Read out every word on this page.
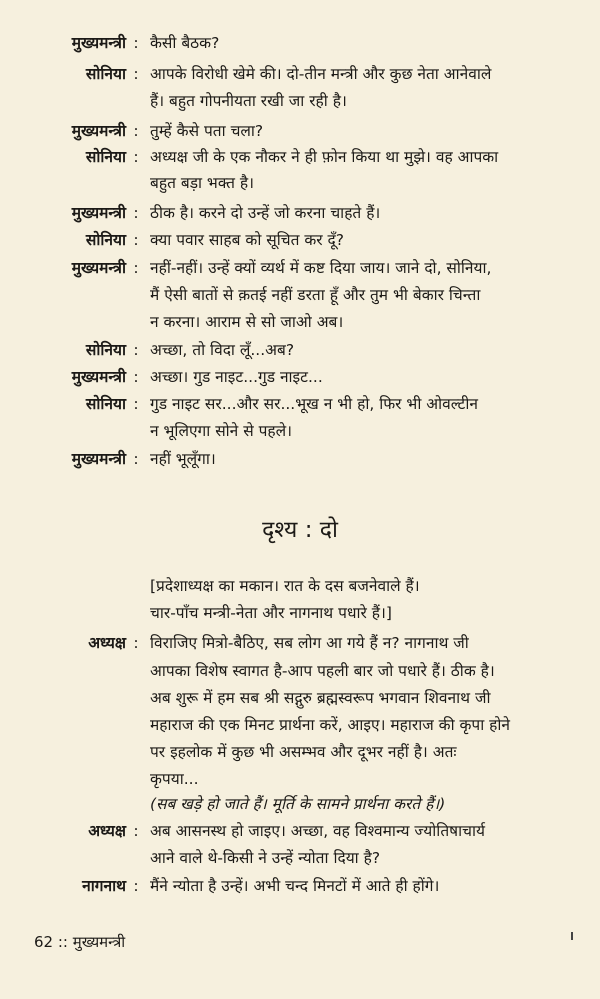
मुख्यमन्त्री : कैसी बैठक?
सोनिया : आपके विरोधी खेमे की। दो-तीन मन्त्री और कुछ नेता आनेवाले
हैं। बहुत गोपनीयता रखी जा रही है।
मुख्यमन्त्री : तुम्हें कैसे पता चला?
सोनिया : अध्यक्ष जी के एक नौकर ने ही फ़ोन किया था मुझे। वह आपका
बहुत बड़ा भक्त है।
मुख्यमन्त्री : ठीक है। करने दो उन्हें जो करना चाहते हैं।
सोनिया : क्या पवार साहब को सूचित कर दूँ?
मुख्यमन्त्री : नहीं-नहीं। उन्हें क्यों व्यर्थ में कष्ट दिया जाय। जाने दो, सोनिया,
मैं ऐसी बातों से क़तई नहीं डरता हूँ और तुम भी बेकार चिन्ता
न करना। आराम से सो जाओ अब।
सोनिया : अच्छा, तो विदा लूँ...अब?
मुख्यमन्त्री : अच्छा। गुड नाइट...गुड नाइट...
सोनिया : गुड नाइट सर...और सर...भूख न भी हो, फिर भी ओवल्टीन
न भूलिएगा सोने से पहले।
मुख्यमन्त्री : नहीं भूलूँगा।
दृश्य : दो
[प्रदेशाध्यक्ष का मकान। रात के दस बजनेवाले हैं।
चार-पाँच मन्त्री-नेता और नागनाथ पधारे हैं।]
अध्यक्ष : विराजिए मित्रो-बैठिए, सब लोग आ गये हैं न? नागनाथ जी
आपका विशेष स्वागत है-आप पहली बार जो पधारे हैं। ठीक है।
अब शुरू में हम सब श्री सद्गुरु ब्रह्मस्वरूप भगवान शिवनाथ जी
महाराज की एक मिनट प्रार्थना करें, आइए। महाराज की कृपा होने
पर इहलोक में कुछ भी असम्भव और दूभर नहीं है। अतः
कृपया...
(सब खड़े हो जाते हैं। मूर्ति के सामने प्रार्थना करते हैं।)
अध्यक्ष : अब आसनस्थ हो जाइए। अच्छा, वह विश्वमान्य ज्योतिषाचार्य
आने वाले थे-किसी ने उन्हें न्योता दिया है?
नागनाथ : मैंने न्योता है उन्हें। अभी चन्द मिनटों में आते ही होंगे।
62 :: मुख्यमन्त्री
